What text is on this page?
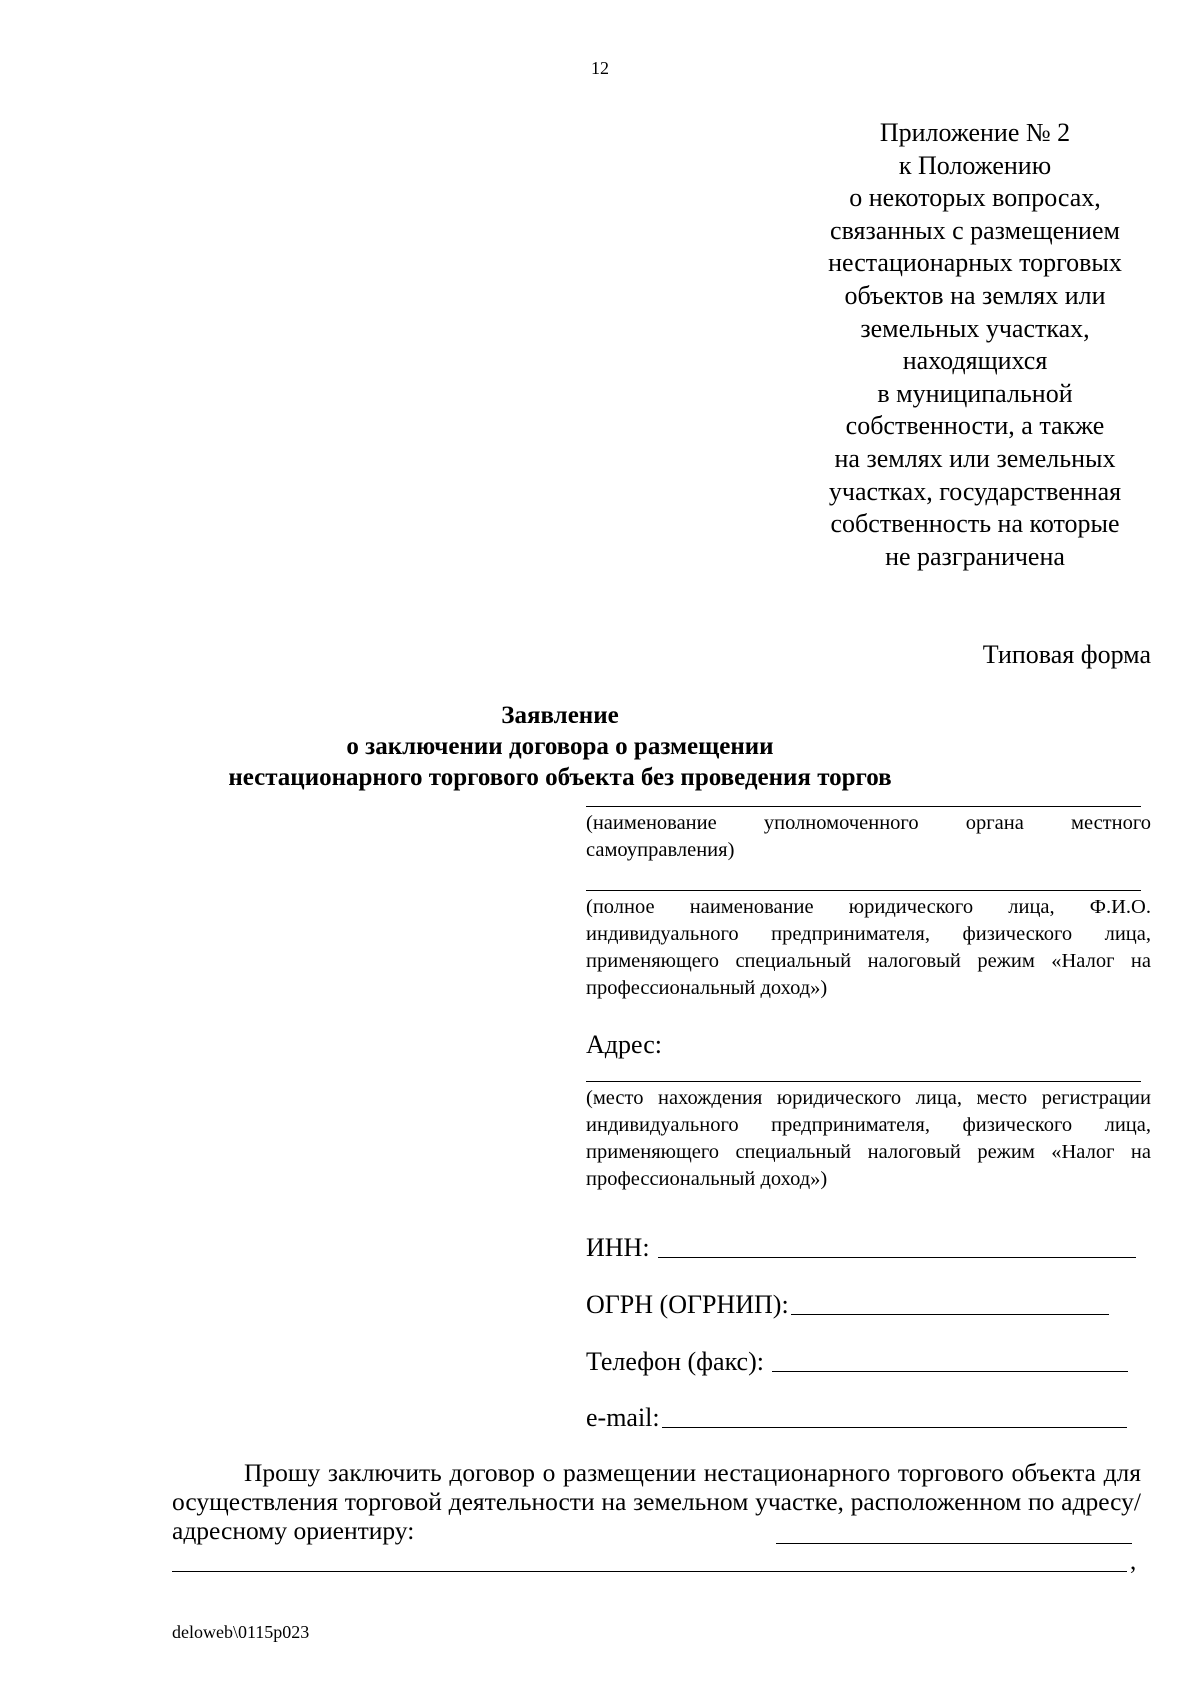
12
Приложение № 2
к Положению
о некоторых вопросах,
связанных с размещением
нестационарных торговых
объектов на землях или
земельных участках,
находящихся
в муниципальной
собственности, а также
на землях или земельных
участках, государственная
собственность на которые
не разграничена
Типовая форма
Заявление
о заключении договора о размещении
нестационарного торгового объекта без проведения торгов
(наименование уполномоченного органа местного самоуправления)
(полное наименование юридического лица, Ф.И.О. индивидуального предпринимателя, физического лица, применяющего специальный налоговый режим «Налог на профессиональный доход»)
Адрес:
(место нахождения юридического лица, место регистрации индивидуального предпринимателя, физического лица, применяющего специальный налоговый режим «Налог на профессиональный доход»)
ИНН:
ОГРН (ОГРНИП):
Телефон (факс):
e-mail:
Прошу заключить договор о размещении нестационарного торгового объекта для осуществления торговой деятельности на земельном участке, расположенном по адресу/адресному ориентиру:
,
deloweb\0115p023
